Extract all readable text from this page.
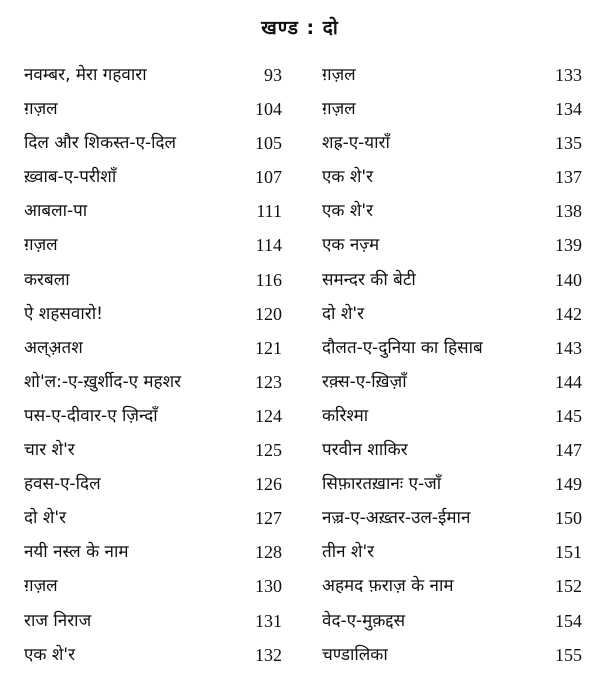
खण्ड : दो
नवम्बर, मेरा गहवारा	93
ग़ज़ल	104
दिल और शिकस्त-ए-दिल	105
ख़्वाब-ए-परीशाँ	107
आबला-पा	111
ग़ज़ल	114
करबला	116
ऐ शहसवारो!	120
अल्अ़तश	121
शो'ल:-ए-ख़ुर्शीद-ए महशर	123
पस-ए-दीवार-ए ज़िन्दाँ	124
चार शे'र	125
हवस-ए-दिल	126
दो शे'र	127
नयी नस्ल के नाम	128
ग़ज़ल	130
राज निराज	131
एक शे'र	132
ग़ज़ल	133
ग़ज़ल	134
शह्र-ए-याराँ	135
एक शे'र	137
एक शे'र	138
एक नज़्म	139
समन्दर की बेटी	140
दो शे'र	142
दौलत-ए-दुनिया का हिसाब	143
रक़्स-ए-ख़िज़ाँ	144
करिश्मा	145
परवीन शाकिर	147
सिफ़ारतख़ानः ए-जाँ	149
नज़्र-ए-अख़्तर-उल-ईमान	150
तीन शे'र	151
अहमद फ़राज़ के नाम	152
वेद-ए-मुक़द्दस	154
चण्डालिका	155
